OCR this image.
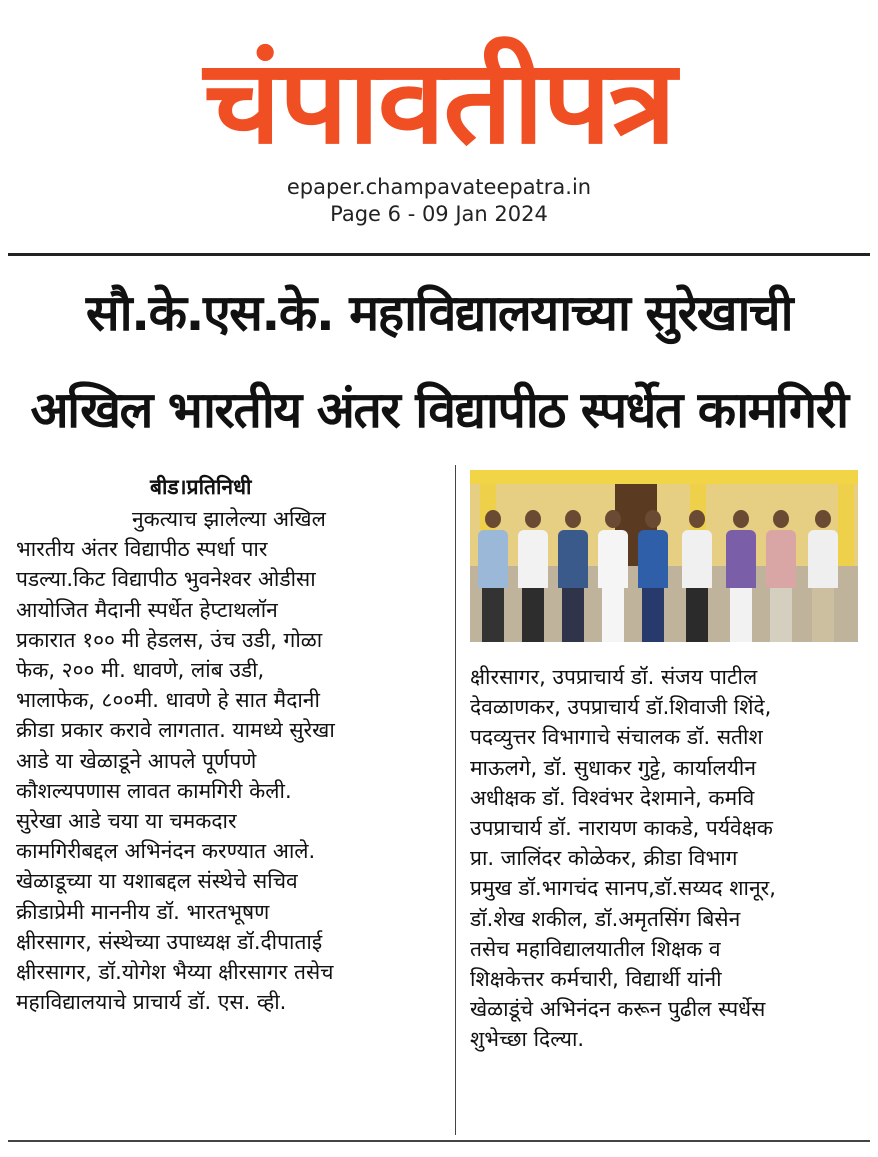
चंपावतीपत्र
epaper.champavateepatra.in
Page 6 - 09 Jan 2024
सौ.के.एस.के. महाविद्यालयाच्या सुरेखाची
अखिल भारतीय अंतर विद्यापीठ स्पर्धेत कामगिरी
बीड।प्रतिनिधी
नुकत्याच झालेल्या अखिल
भारतीय अंतर विद्यापीठ स्पर्धा पार
पडल्या.किट विद्यापीठ भुवनेश्वर ओडीसा
आयोजित मैदानी स्पर्धेत हेप्टाथलॉन
प्रकारात १०० मी हेडलस, उंच उडी, गोळा
फेक, २०० मी. धावणे, लांब उडी,
भालाफेक, ८००मी. धावणे हे सात मैदानी
क्रीडा प्रकार करावे लागतात. यामध्ये सुरेखा
आडे या खेळाडूने आपले पूर्णपणे
कौशल्यपणास लावत कामगिरी केली.
सुरेखा आडे चया या चमकदार
कामगिरीबद्दल अभिनंदन करण्यात आले.
खेळाडूच्या या यशाबद्दल संस्थेचे सचिव
क्रीडाप्रेमी माननीय डॉ. भारतभूषण
क्षीरसागर, संस्थेच्या उपाध्यक्ष डॉ.दीपाताई
क्षीरसागर, डॉ.योगेश भैय्या क्षीरसागर तसेच
महाविद्यालयाचे प्राचार्य डॉ. एस. व्ही.
क्षीरसागर, उपप्राचार्य डॉ. संजय पाटील
देवळाणकर, उपप्राचार्य डॉ.शिवाजी शिंदे,
पदव्युत्तर विभागाचे संचालक डॉ. सतीश
माऊलगे, डॉ. सुधाकर गुट्टे, कार्यालयीन
अधीक्षक डॉ. विश्वंभर देशमाने, कमवि
उपप्राचार्य डॉ. नारायण काकडे, पर्यवेक्षक
प्रा. जालिंदर कोळेकर, क्रीडा विभाग
प्रमुख डॉ.भागचंद सानप,डॉ.सय्यद शानूर,
डॉ.शेख शकील, डॉ.अमृतसिंग बिसेन
तसेच महाविद्यालयातील शिक्षक व
शिक्षकेत्तर कर्मचारी, विद्यार्थी यांनी
खेळाडूंचे अभिनंदन करून पुढील स्पर्धेस
शुभेच्छा दिल्या.
